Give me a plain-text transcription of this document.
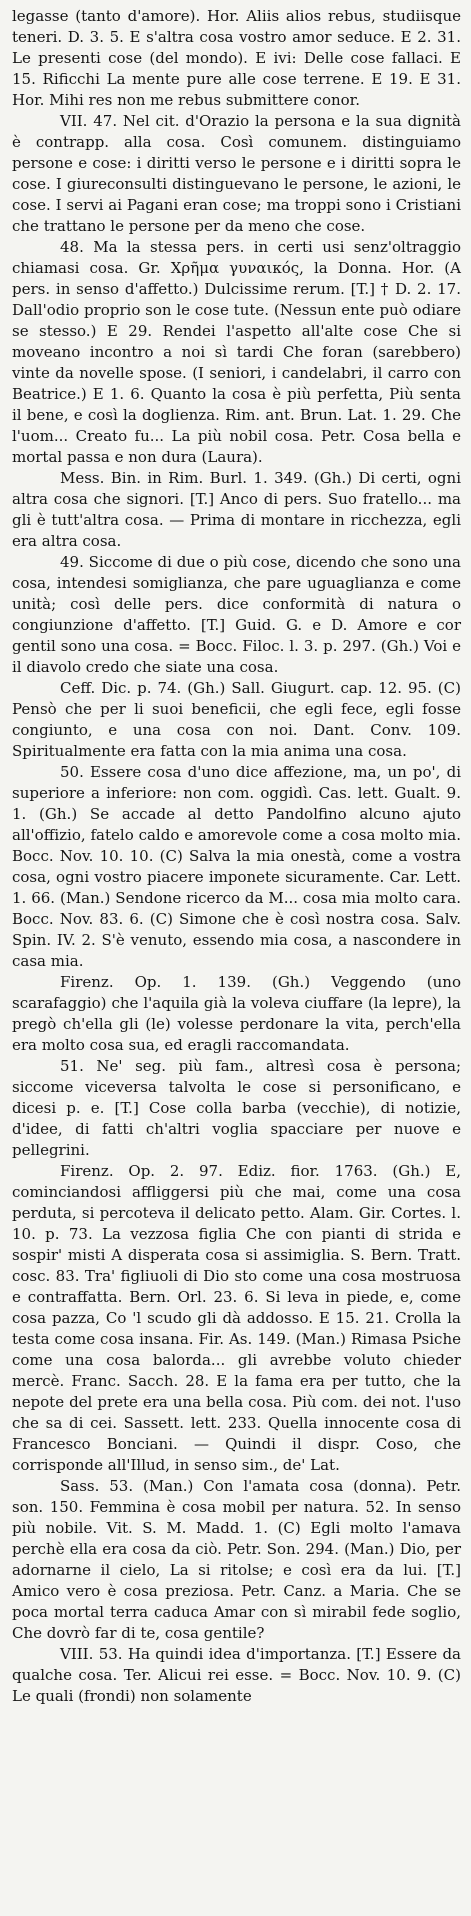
legasse (tanto d'amore). Hor. Aliis alios rebus, studiisque teneri. D. 3. 5. E s'altra cosa vostro amor seduce. E 2. 31. Le presenti cose (del mondo). E ivi: Delle cose fallaci. E 15. Rificchi La mente pure alle cose terrene. E 19. E 31. Hor. Mihi res non me rebus submittere conor.

VII. 47. Nel cit. d'Orazio la persona e la sua dignità è contrapp. alla cosa. Così comunem. distinguiamo persone e cose: i diritti verso le persone e i diritti sopra le cose. I giureconsulti distinguevano le persone, le azioni, le cose. I servi ai Pagani eran cose; ma troppi sono i Cristiani che trattano le persone per da meno che cose.

48. Ma la stessa pers. in certi usi senz'oltraggio chiamasi cosa. Gr. Χρῆμα γυναικός, la Donna. Hor. (A pers. in senso d'affetto.) Dulcissime rerum. [T.] † D. 2. 17. Dall'odio proprio son le cose tute. (Nessun ente può odiare se stesso.) E 29. Rendei l'aspetto all'alte cose Che si moveano incontro a noi sì tardi Che foran (sarebbero) vinte da novelle spose. (I seniori, i candelabri, il carro con Beatrice.) E 1. 6. Quanto la cosa è più perfetta, Più senta il bene, e così la doglienza. Rim. ant. Brun. Lat. 1. 29. Che l'uom... Creato fu... La più nobil cosa. Petr. Cosa bella e mortal passa e non dura (Laura).

Mess. Bin. in Rim. Burl. 1. 349. (Gh.) Di certi, ogni altra cosa che signori. [T.] Anco di pers. Suo fratello... ma gli è tutt'altra cosa. — Prima di montare in ricchezza, egli era altra cosa.

49. Siccome di due o più cose, dicendo che sono una cosa, intendesi somiglianza, che pare uguaglianza e come unità; così delle pers. dice conformità di natura o congiunzione d'affetto. [T.] Guid. G. e D. Amore e cor gentil sono una cosa. = Bocc. Filoc. l. 3. p. 297. (Gh.) Voi e il diavolo credo che siate una cosa.

Ceff. Dic. p. 74. (Gh.) Sall. Giugurt. cap. 12. 95. (C) Pensò che per li suoi beneficii, che egli fece, egli fosse congiunto, e una cosa con noi. Dant. Conv. 109. Spiritualmente era fatta con la mia anima una cosa.

50. Essere cosa d'uno dice affezione, ma, un po', di superiore a inferiore: non com. oggidì. Cas. lett. Gualt. 9. 1. (Gh.) Se accade al detto Pandolfino alcuno ajuto all'offizio, fatelo caldo e amorevole come a cosa molto mia. Bocc. Nov. 10. 10. (C) Salva la mia onestà, come a vostra cosa, ogni vostro piacere imponete sicuramente. Car. Lett. 1. 66. (Man.) Sendone ricerco da M... cosa mia molto cara. Bocc. Nov. 83. 6. (C) Simone che è così nostra cosa. Salv. Spin. IV. 2. S'è venuto, essendo mia cosa, a nascondere in casa mia.

Firenz. Op. 1. 139. (Gh.) Veggendo (uno scarafaggio) che l'aquila già la voleva ciuffare (la lepre), la pregò ch'ella gli (le) volesse perdonare la vita, perch'ella era molto cosa sua, ed eragli raccomandata.

51. Ne' seg. più fam., altresì cosa è persona; siccome viceversa talvolta le cose si personificano, e dicesi p. e. [T.] Cose colla barba (vecchie), di notizie, d'idee, di fatti ch'altri voglia spacciare per nuove e pellegrini.

Firenz. Op. 2. 97. Ediz. fior. 1763. (Gh.) E, cominciandosi affliggersi più che mai, come una cosa perduta, si percoteva il delicato petto. Alam. Gir. Cortes. l. 10. p. 73. La vezzosa figlia Che con pianti di strida e sospir' misti A disperata cosa si assimiglia. S. Bern. Tratt. cosc. 83. Tra' figliuoli di Dio sto come una cosa mostruosa e contraffatta. Bern. Orl. 23. 6. Si leva in piede, e, come cosa pazza, Co 'l scudo gli dà addosso. E 15. 21. Crolla la testa come cosa insana. Fir. As. 149. (Man.) Rimasa Psiche come una cosa balorda... gli avrebbe voluto chieder mercè. Franc. Sacch. 28. E la fama era per tutto, che la nepote del prete era una bella cosa. Più com. dei not. l'uso che sa di cei. Sassett. lett. 233. Quella innocente cosa di Francesco Bonciani. — Quindi il dispr. Coso, che corrisponde all'Illud, in senso sim., de' Lat.

Sass. 53. (Man.) Con l'amata cosa (donna). Petr. son. 150. Femmina è cosa mobil per natura. 52. In senso più nobile. Vit. S. M. Madd. 1. (C) Egli molto l'amava perchè ella era cosa da ciò. Petr. Son. 294. (Man.) Dio, per adornarne il cielo, La si ritolse; e così era da lui. [T.] Amico vero è cosa preziosa. Petr. Canz. a Maria. Che se poca mortal terra caduca Amar con sì mirabil fede soglio, Che dovrò far di te, cosa gentile?

VIII. 53. Ha quindi idea d'importanza. [T.] Essere da qualche cosa. Ter. Alicui rei esse. = Bocc. Nov. 10. 9. (C) Le quali (frondi) non solamente
